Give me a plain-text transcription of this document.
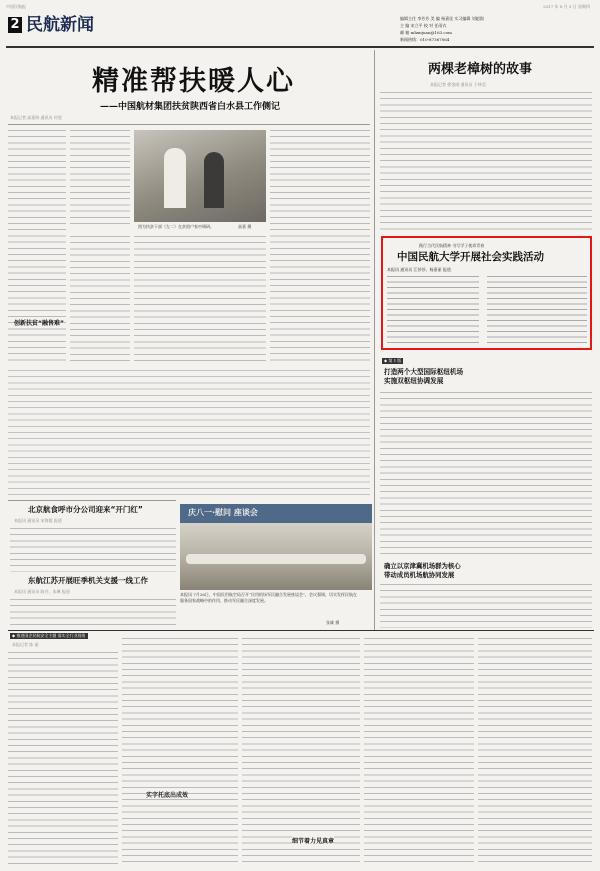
中国民航报	2017 年 8 月 3 日 星期四
2 民航新闻	编辑主任 李芳芳 美 编 杨嘉佳 实习编辑 刘超润
主 编 宋立平 校 对 任雨衣
邮 箱 mhxnjuan@163.com
新闻热线：010-87367064
本报记者 高嘉海 通讯员 何雯
精准帮扶暖人心
——中国航材集团扶贫陕西省白水县工作侧记
图为扶贫干部（左二）在贫困户家中调研。	高嘉 摄
创新扶贫“融售难”
两棵老樟树的故事
本报记者 徐金刚 通讯员 于林美
践行当代民航精神 书写学子使命青春
中国民航大学开展社会实践活动
本报讯 通讯员 江莎莎、杨嘉丽 报道
◆ 第 1 版
打造两个大型国际枢纽机场
实施双枢纽协调发展
确立以京津冀机场群为核心
带动成员机场航协同发展
北京航食呼市分公司迎来“开门红”
本报讯 通讯员 宋海霞 报道
东航江苏开展旺季机关支援一线工作
本报讯 通讯员 陈丹、朱琳 报道
庆八一·慰问 座谈会
本报讯 7月26日，中国民用航空局召开“民用机场军民融合发展座谈会”，会议强调，切实发挥民航在服务国家战略中的作用，推动军民融合深度发展。
张雄 摄
◆ 推进国企民航安全主题 落实全行业视角
本报记者 陈 丽
实字托底出成效
细节着力见真章
